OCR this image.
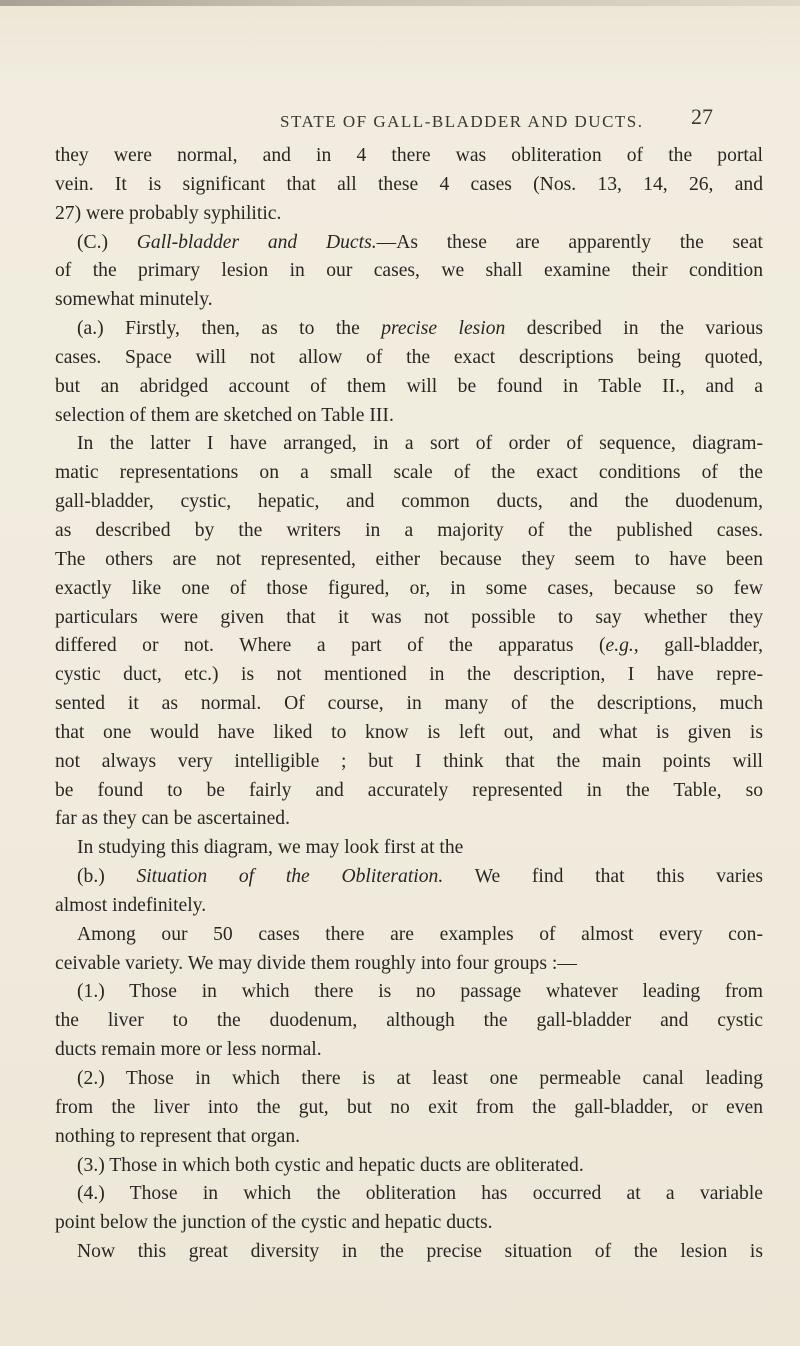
STATE OF GALL-BLADDER AND DUCTS. 27
they were normal, and in 4 there was obliteration of the portal
vein. It is significant that all these 4 cases (Nos. 13, 14, 26, and
27) were probably syphilitic.
(C.) Gall-bladder and Ducts.—As these are apparently the seat
of the primary lesion in our cases, we shall examine their condition
somewhat minutely.
(a.) Firstly, then, as to the precise lesion described in the various
cases. Space will not allow of the exact descriptions being quoted,
but an abridged account of them will be found in Table II., and a
selection of them are sketched on Table III.
In the latter I have arranged, in a sort of order of sequence, diagram-
matic representations on a small scale of the exact conditions of the
gall-bladder, cystic, hepatic, and common ducts, and the duodenum,
as described by the writers in a majority of the published cases.
The others are not represented, either because they seem to have been
exactly like one of those figured, or, in some cases, because so few
particulars were given that it was not possible to say whether they
differed or not. Where a part of the apparatus (e.g., gall-bladder,
cystic duct, etc.) is not mentioned in the description, I have repre-
sented it as normal. Of course, in many of the descriptions, much
that one would have liked to know is left out, and what is given is
not always very intelligible ; but I think that the main points will
be found to be fairly and accurately represented in the Table, so
far as they can be ascertained.
In studying this diagram, we may look first at the
(b.) Situation of the Obliteration. We find that this varies
almost indefinitely.
Among our 50 cases there are examples of almost every con-
ceivable variety. We may divide them roughly into four groups :—
(1.) Those in which there is no passage whatever leading from
the liver to the duodenum, although the gall-bladder and cystic
ducts remain more or less normal.
(2.) Those in which there is at least one permeable canal leading
from the liver into the gut, but no exit from the gall-bladder, or even
nothing to represent that organ.
(3.) Those in which both cystic and hepatic ducts are obliterated.
(4.) Those in which the obliteration has occurred at a variable
point below the junction of the cystic and hepatic ducts.
Now this great diversity in the precise situation of the lesion is
